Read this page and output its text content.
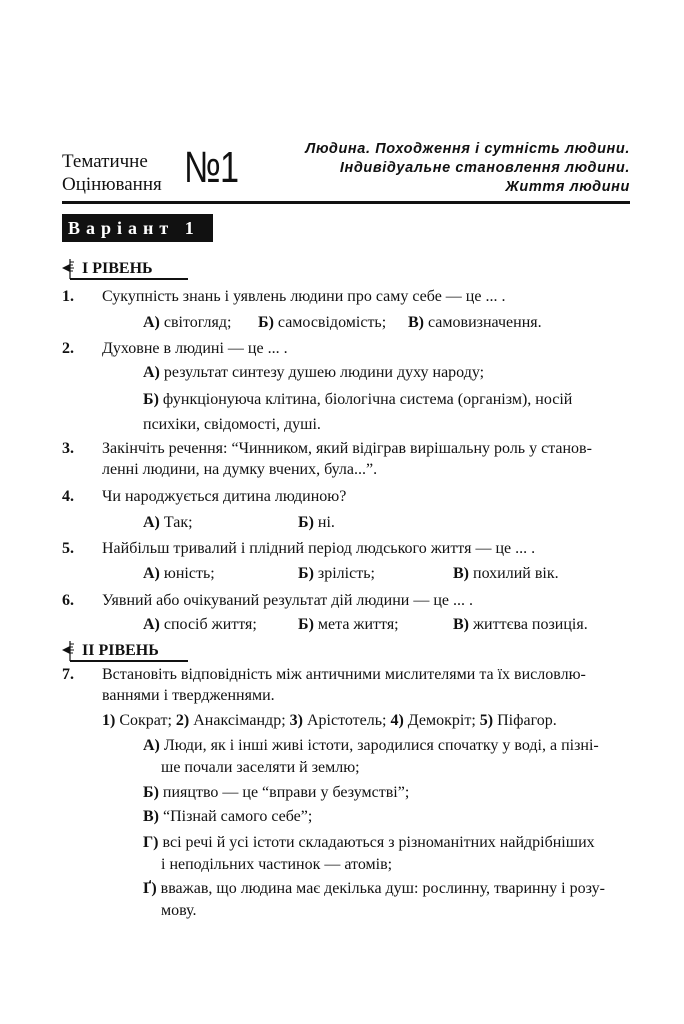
Тематичне
Оцінювання №1	Людина. Походження і сутність людини.
Індивідуальне становлення людини.
Життя людини
Варіант 1
І РІВЕНЬ
1. Сукупність знань і уявлень людини про саму себе — це ... .
А) світогляд; Б) самосвідомість; В) самовизначення.
2. Духовне в людині — це ... .
А) результат синтезу душею людини духу народу;
Б) функціонуюча клітина, біологічна система (організм), носій психіки, свідомості, душі.
3. Закінчіть речення: “Чинником, який відіграв вирішальну роль у станов-
ленні людини, на думку вчених, була...”.
4. Чи народжується дитина людиною?
А) Так;	Б) ні.
5. Найбільш тривалий і плідний період людського життя — це ... .
А) юність;	Б) зрілість;	В) похилий вік.
6. Уявний або очікуваний результат дій людини — це ... .
А) спосіб життя;	Б) мета життя;	В) життєва позиція.
ІІ РІВЕНЬ
7. Встановіть відповідність між античними мислителями та їх висловлю-
ваннями і твердженнями.
1) Сократ; 2) Анаксімандр; 3) Арістотель; 4) Демокріт; 5) Піфагор.
А) Люди, як і інші живі істоти, зародилися спочатку у воді, а пізні-
ше почали заселяти й землю;
Б) пияцтво — це “вправи у безумстві”;
В) “Пізнай самого себе”;
Г) всі речі й усі істоти складаються з різноманітних найдрібніших
і неподільних частинок — атомів;
Ґ) вважав, що людина має декілька душ: рослинну, тваринну і розу-
мову.
